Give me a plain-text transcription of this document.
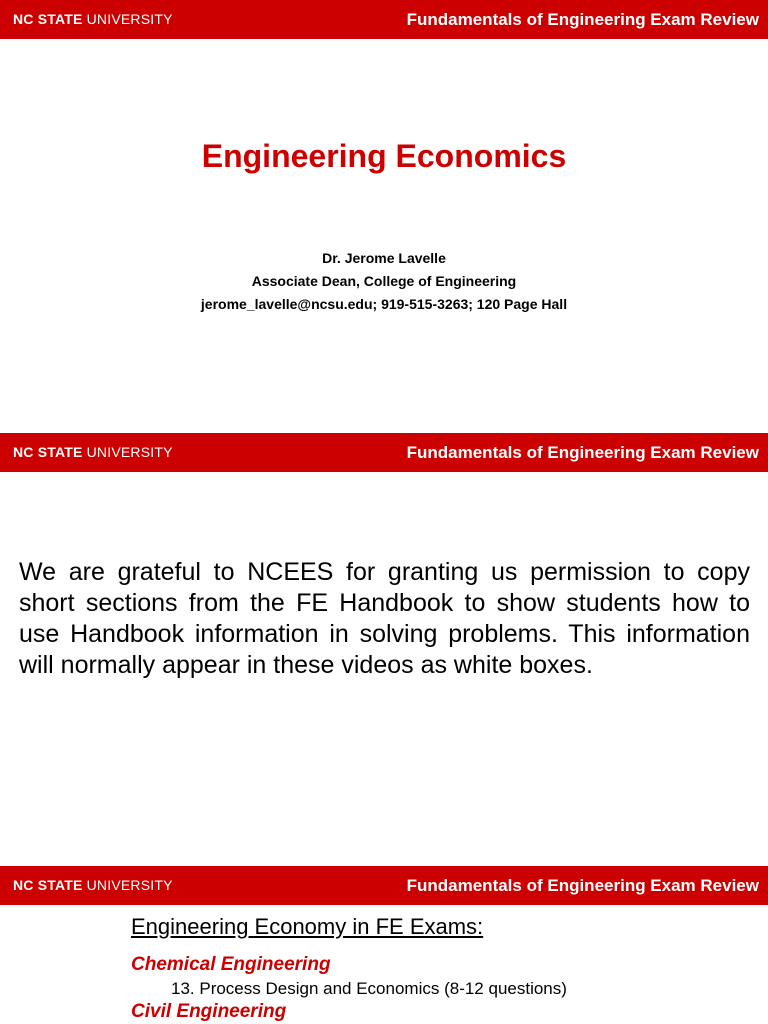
NC STATE UNIVERSITY	Fundamentals of Engineering Exam Review
Engineering Economics
Dr. Jerome Lavelle
Associate Dean, College of Engineering
jerome_lavelle@ncsu.edu; 919-515-3263; 120 Page Hall
NC STATE UNIVERSITY	Fundamentals of Engineering Exam Review
We are grateful to NCEES for granting us permission to copy short sections from the FE Handbook to show students how to use Handbook information in solving problems. This information will normally appear in these videos as white boxes.
NC STATE UNIVERSITY	Fundamentals of Engineering Exam Review
Engineering Economy in FE Exams:
Chemical Engineering
13. Process Design and Economics (8-12 questions)
Civil Engineering
